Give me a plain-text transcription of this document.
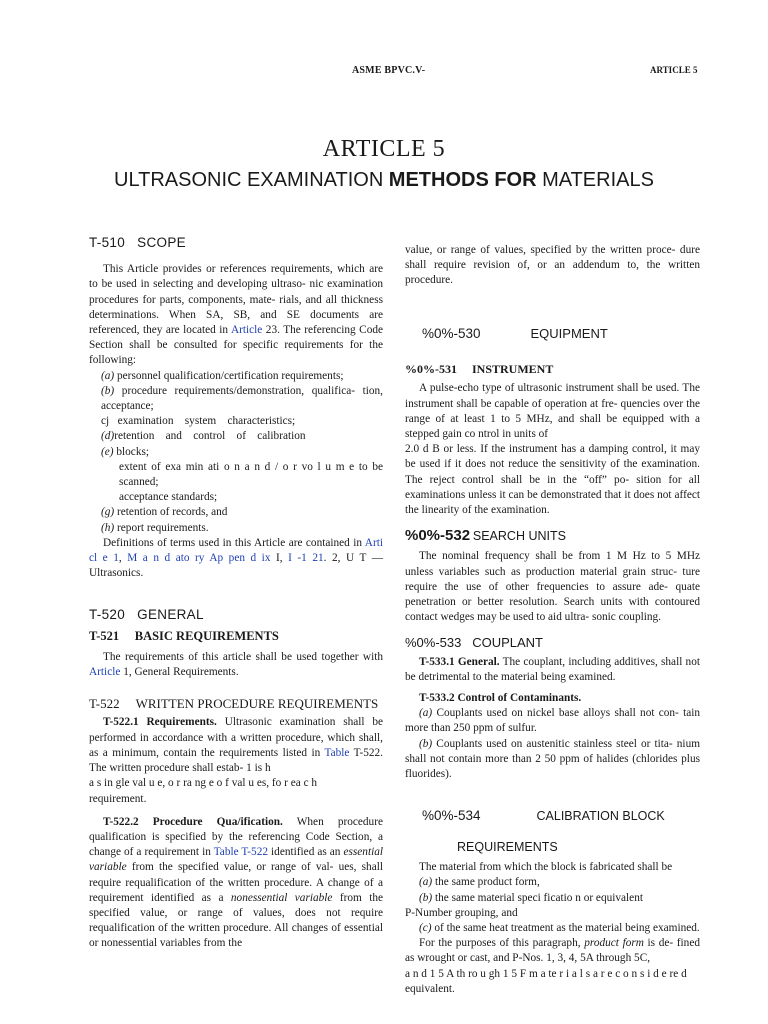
ASME BPVC.V-	ARTICLE 5
ARTICLE 5
ULTRASONIC EXAMINATION METHODS FOR MATERIALS

T-510   SCOPE

This Article provides or references requirements, which are to be used in selecting and developing ultraso- nic examination procedures for parts, components, mate- rials, and all thickness determinations. When SA, SB, and SE documents are referenced, they are located in Article 23. The referencing Code Section shall be consulted for specific requirements for the following:

(a) personnel qualification/certification requirements;

(b) procedure requirements/demonstration, qualifica- tion, acceptance;

cj examination    system    characteristics;

(d)retention    and    control    of    calibration

(e) blocks;

extent of exa min ati o n a n d / o r vo l u m e to be scanned;

acceptance standards;

(g) retention of records, and

(h) report requirements.

Definitions of terms used in this Article are contained in Arti cl e 1, M a n d ato ry Ap pen d ix I, I -1 21. 2, U T — Ultrasonics.

T-520   GENERAL

T-521     BASIC REQUIREMENTS

The requirements of this article shall be used together with Article 1, General Requirements.

T-522     WRITTEN PROCEDURE REQUIREMENTS

T-522.1 Requirements. Ultrasonic examination shall be performed in accordance with a written procedure, which shall, as a minimum, contain the requirements listed in Table T-522. The written procedure shall estab- 1 is h

a s in gle val u e, o r ra ng e o f val u es, fo r ea c h

requirement.

T-522.2 Procedure Qua/ification. When procedure qualification is specified by the referencing Code Section, a change of a requirement in Table T-522 identified as an essential variable from the specified value, or range of val- ues, shall require requalification of the written procedure. A change of a requirement identified as a nonessential variable from the specified value, or range of values, does not require requalification of the written procedure. All changes of essential or nonessential variables from the

value, or range of values, specified by the written proce- dure shall require revision of, or an addendum to, the written procedure.

%0%-530	EQUIPMENT

%0%-531     INSTRUMENT

A pulse-echo type of ultrasonic instrument shall be used. The instrument shall be capable of operation at fre- quencies over the range of at least 1 to 5 MHz, and shall be equipped with a stepped gain co ntrol in units of

2.0 d B or less. If the instrument has a damping control, it may be used if it does not reduce the sensitivity of the examination. The reject control shall be in the “off” po- sition for all examinations unless it can be demonstrated that it does not affect the linearity of the examination.

%0%-532 SEARCH UNITS

The nominal frequency shall be from 1 M Hz to 5 MHz unless variables such as production material grain struc- ture require the use of other frequencies to assure ade- quate penetration or better resolution. Search units with contoured contact wedges may be used to aid ultra- sonic coupling.

%0%-533   COUPLANT

T-533.1 General. The couplant, including additives, shall not be detrimental to the material being examined.

T-533.2 Control of Contaminants.

(a) Couplants used on nickel base alloys shall not con- tain more than 250 ppm of sulfur.

(b) Couplants used on austenitic stainless steel or tita- nium shall not contain more than 2 50 ppm of halides (chlorides plus fluorides).

%0%-534	CALIBRATION BLOCK

REQUIREMENTS

The material from which the block is fabricated shall be

(a) the same product form,

(b) the same material speci ficatio n or equivalent

P-Number grouping, and

(c) of the same heat treatment as the material being examined.

For the purposes of this paragraph, product form is de- fined as wrought or cast, and P-Nos. 1, 3, 4, 5A through 5C,

a n d 1 5 A th ro u gh 1 5 F m a te r i a l s a r e c o n s i d e re d

equivalent.
